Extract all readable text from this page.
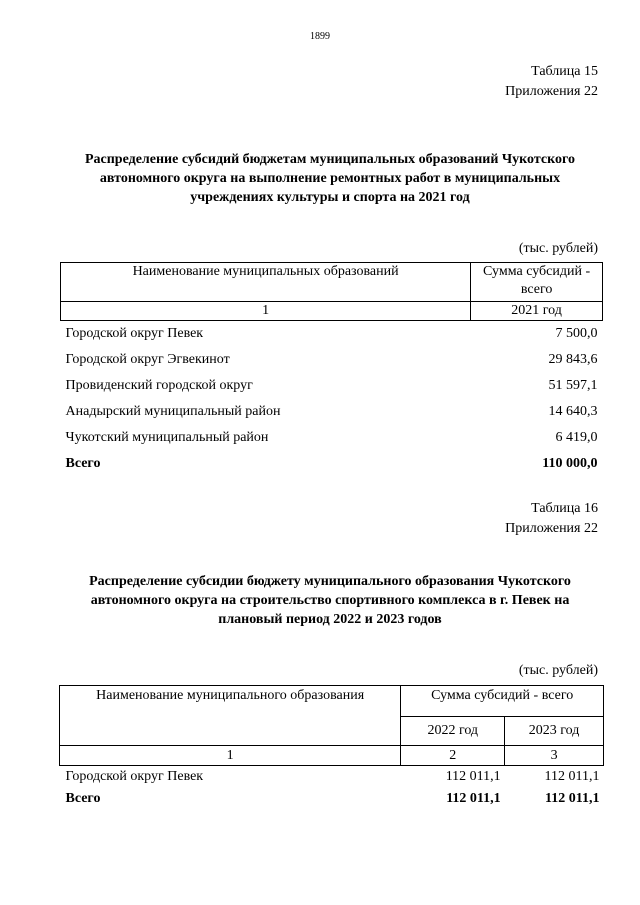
1899
Таблица 15
Приложения 22
Распределение субсидий бюджетам муниципальных образований Чукотского автономного округа на выполнение ремонтных работ в муниципальных учреждениях культуры и спорта на 2021 год
(тыс. рублей)
Наименование муниципальных образований	Сумма субсидий - всего
1	2021 год
Городской округ Певек	7 500,0
Городской округ Эгвекинот	29 843,6
Провиденский городской округ	51 597,1
Анадырский муниципальный район	14 640,3
Чукотский муниципальный район	6 419,0
Всего	110 000,0
Таблица 16
Приложения 22
Распределение субсидии бюджету муниципального образования Чукотского автономного округа на строительство спортивного комплекса в г. Певек на плановый период 2022 и 2023 годов
(тыс. рублей)
Наименование муниципального образования	Сумма субсидий - всего	
	2022 год	2023 год
1	2	3
Городской округ Певек	112 011,1	112 011,1
Всего	112 011,1	112 011,1
